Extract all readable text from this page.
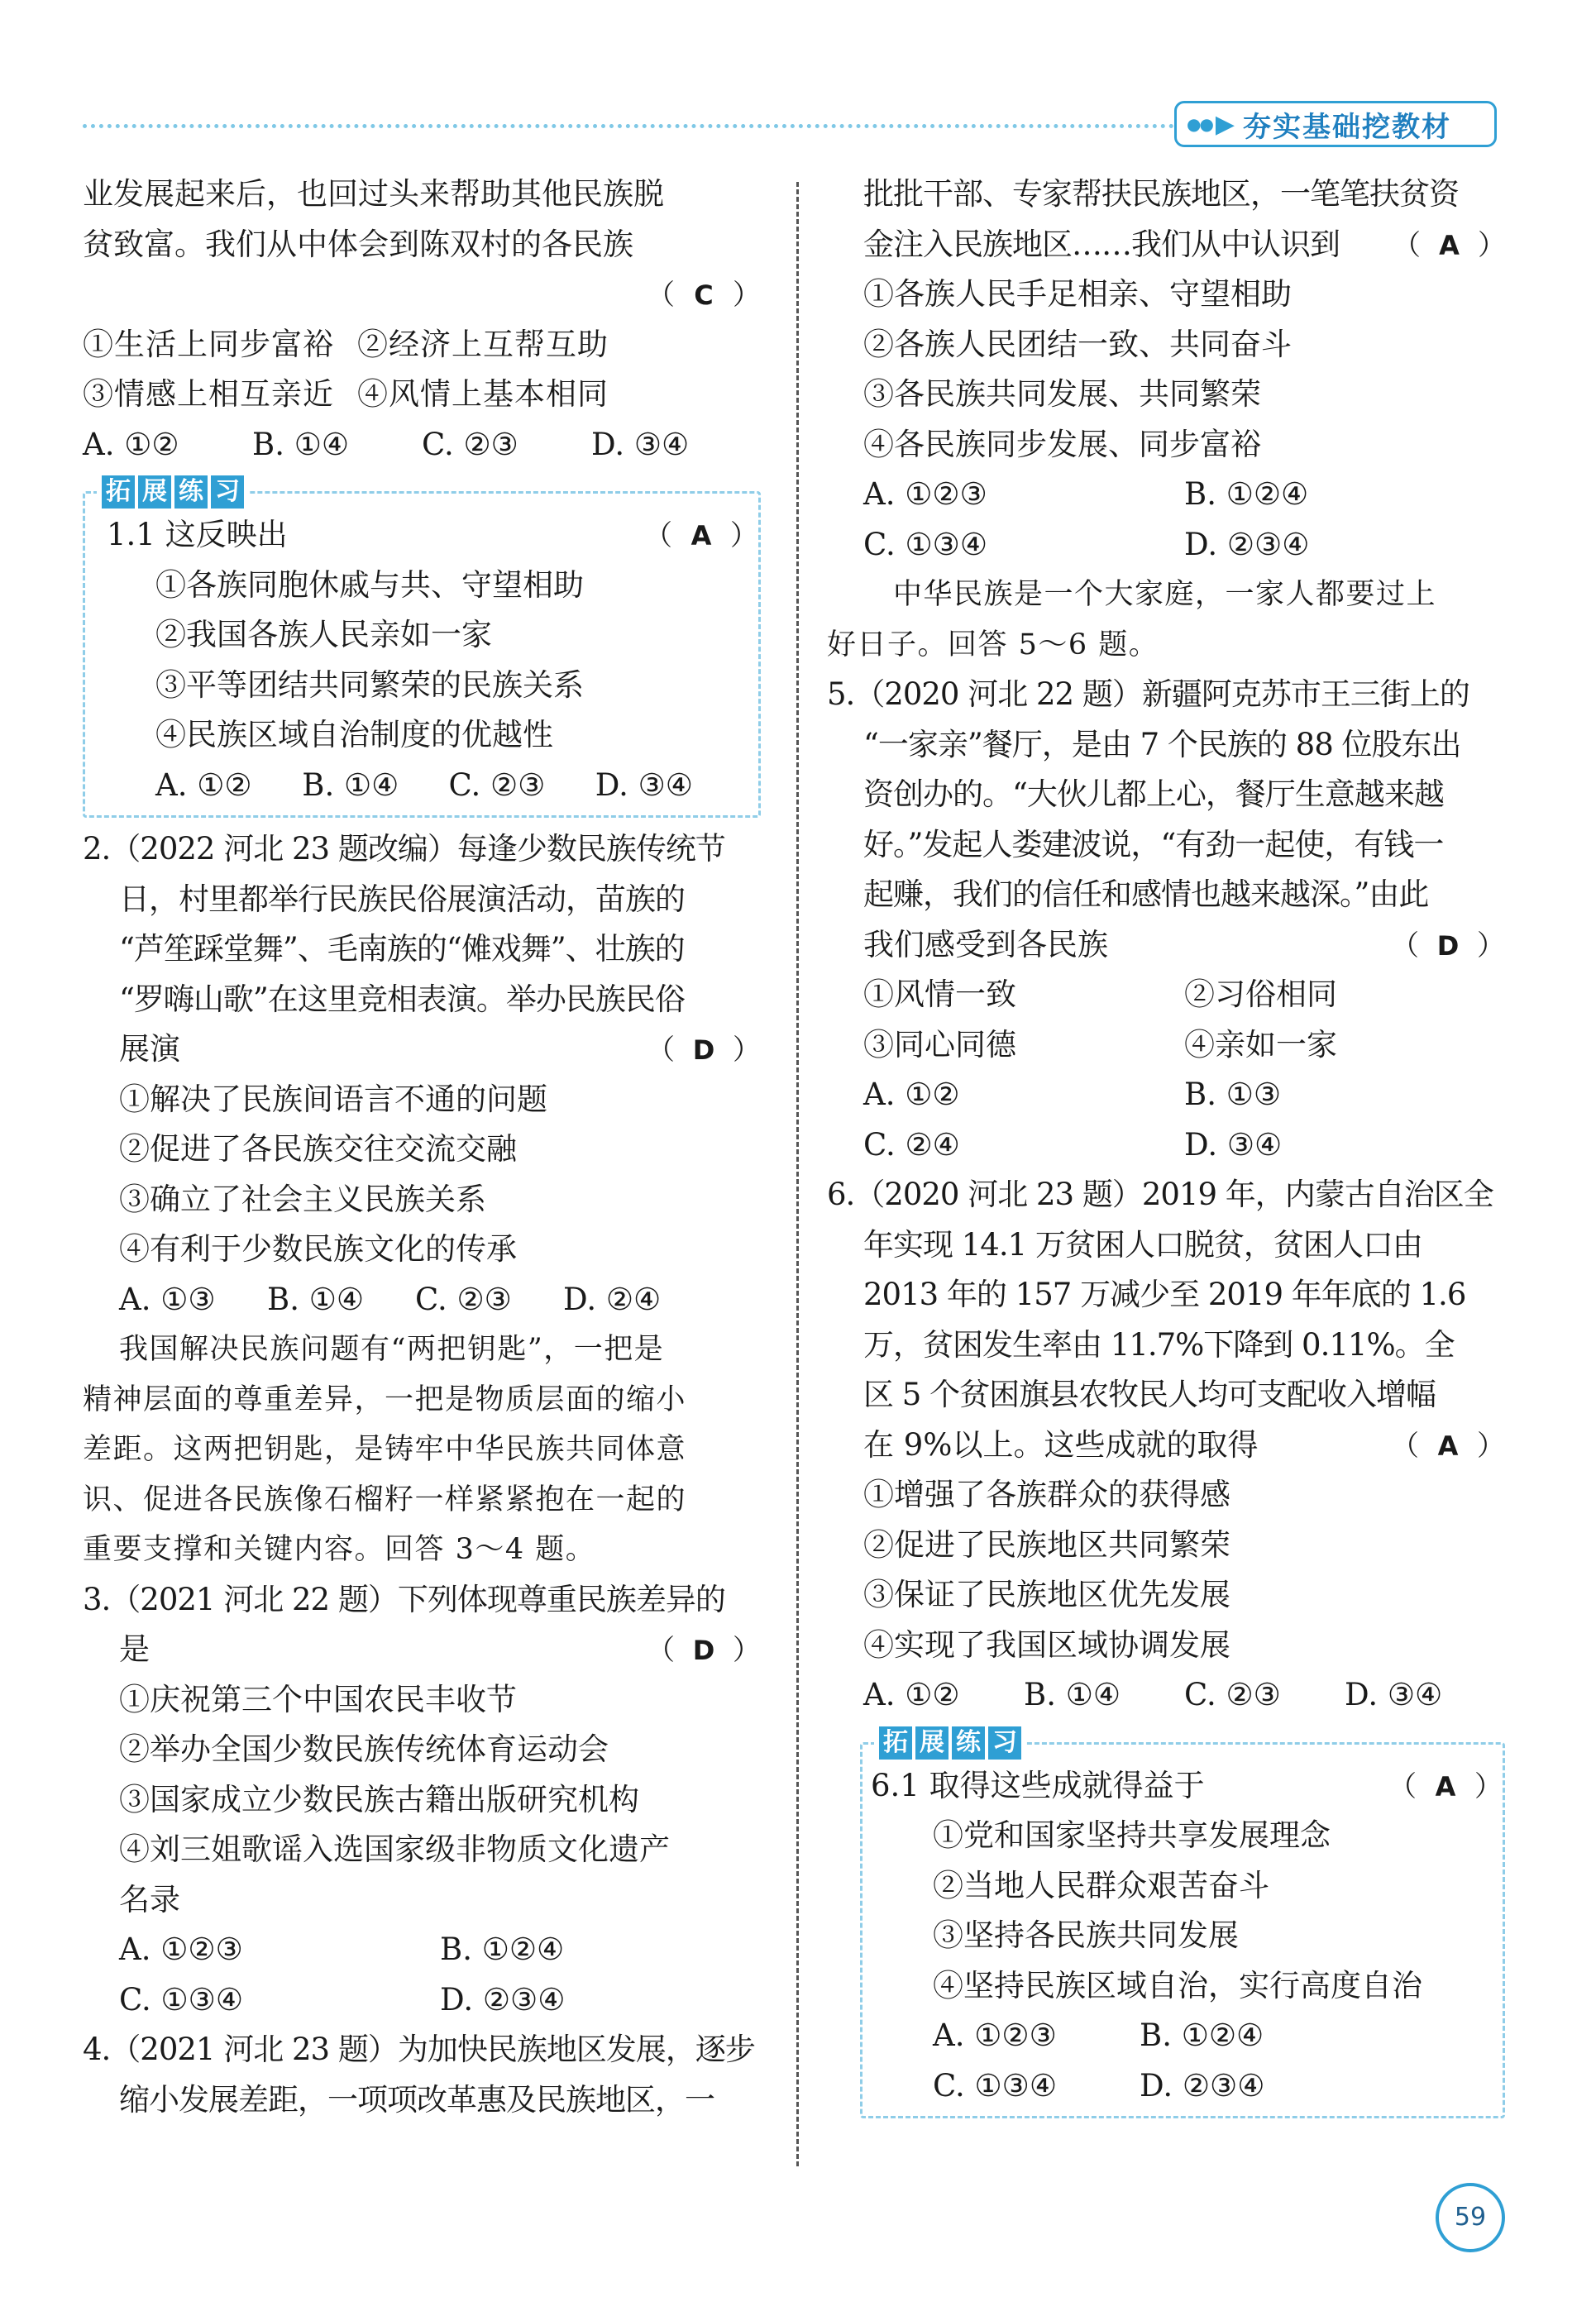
●● ▶ 夯实基础挖教材
业发展起来后，也回过头来帮助其他民族脱
贫致富。我们从中体会到陈双村的各民族
（ C ）
①生活上同步富裕 ②经济上互帮互助
③情感上相互亲近 ④风情上基本相同
A. ①②	B. ①④	C. ②③	D. ③④
拓 展 练 习
1.1 这反映出	（ A ）
①各族同胞休戚与共、守望相助
②我国各族人民亲如一家
③平等团结共同繁荣的民族关系
④民族区域自治制度的优越性
A. ①②	B. ①④	C. ②③	D. ③④
2.（2022 河北 23 题改编）每逢少数民族传统节
日，村里都举行民族民俗展演活动，苗族的
“芦笙踩堂舞”、毛南族的“傩戏舞”、壮族的
“罗嗨山歌”在这里竞相表演。举办民族民俗
展演	（ D ）
①解决了民族间语言不通的问题
②促进了各民族交往交流交融
③确立了社会主义民族关系
④有利于少数民族文化的传承
A. ①③	B. ①④	C. ②③	D. ②④
我国解决民族问题有“两把钥匙”，一把是
精神层面的尊重差异，一把是物质层面的缩小
差距。这两把钥匙，是铸牢中华民族共同体意
识、促进各民族像石榴籽一样紧紧抱在一起的
重要支撑和关键内容。回答 3～4 题。
3.（2021 河北 22 题）下列体现尊重民族差异的
是	（ D ）
①庆祝第三个中国农民丰收节
②举办全国少数民族传统体育运动会
③国家成立少数民族古籍出版研究机构
④刘三姐歌谣入选国家级非物质文化遗产
名录
A. ①②③	B. ①②④
C. ①③④	D. ②③④
4.（2021 河北 23 题）为加快民族地区发展，逐步
缩小发展差距，一项项改革惠及民族地区，一
批批干部、专家帮扶民族地区，一笔笔扶贫资
金注入民族地区……我们从中认识到 （ A ）
①各族人民手足相亲、守望相助
②各族人民团结一致、共同奋斗
③各民族共同发展、共同繁荣
④各民族同步发展、同步富裕
A. ①②③	B. ①②④
C. ①③④	D. ②③④
中华民族是一个大家庭，一家人都要过上
好日子。回答 5～6 题。
5.（2020 河北 22 题）新疆阿克苏市王三街上的
“一家亲”餐厅，是由 7 个民族的 88 位股东出
资创办的。“大伙儿都上心，餐厅生意越来越
好。”发起人娄建波说，“有劲一起使，有钱一
起赚，我们的信任和感情也越来越深。”由此
我们感受到各民族	（ D ）
①风情一致	②习俗相同
③同心同德	④亲如一家
A. ①②	B. ①③
C. ②④	D. ③④
6.（2020 河北 23 题）2019 年，内蒙古自治区全
年实现 14.1 万贫困人口脱贫，贫困人口由
2013 年的 157 万减少至 2019 年年底的 1.6
万，贫困发生率由 11.7%下降到 0.11%。全
区 5 个贫困旗县农牧民人均可支配收入增幅
在 9%以上。这些成就的取得	（ A ）
①增强了各族群众的获得感
②促进了民族地区共同繁荣
③保证了民族地区优先发展
④实现了我国区域协调发展
A. ①②	B. ①④	C. ②③	D. ③④
拓 展 练 习
6.1 取得这些成就得益于	（ A ）
①党和国家坚持共享发展理念
②当地人民群众艰苦奋斗
③坚持各民族共同发展
④坚持民族区域自治，实行高度自治
A. ①②③	B. ①②④
C. ①③④	D. ②③④
59
